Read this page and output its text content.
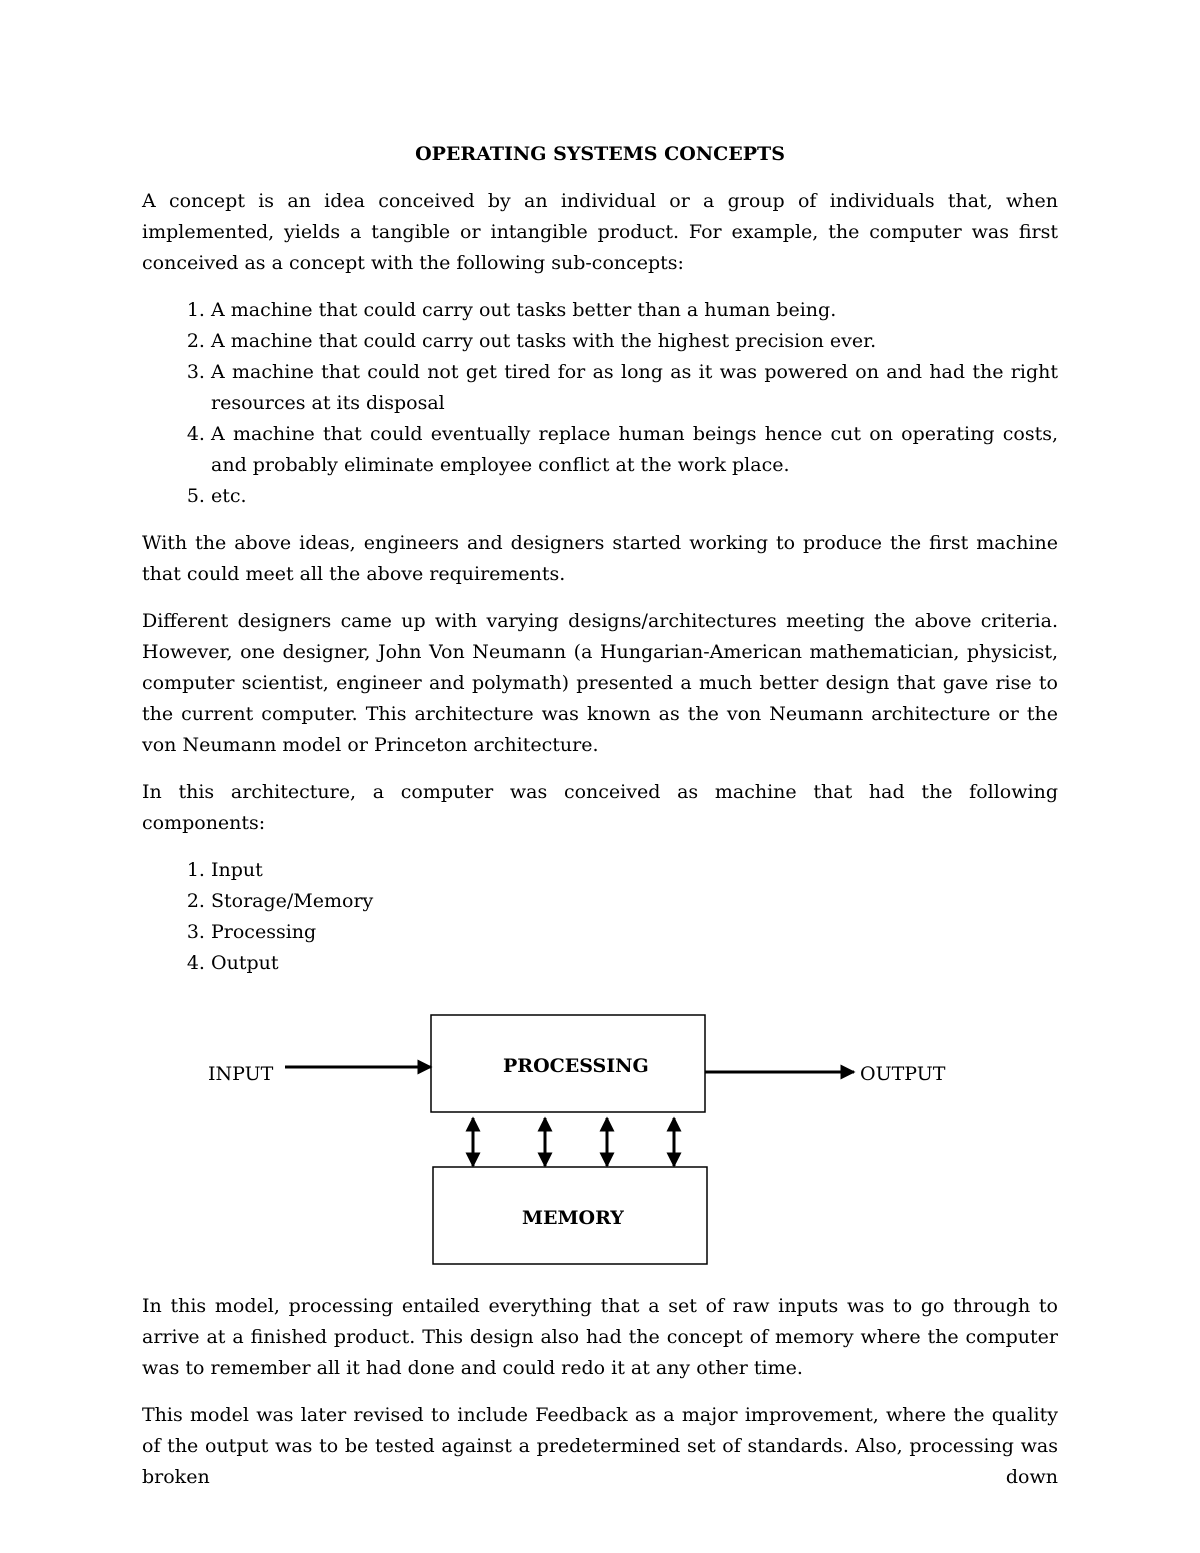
OPERATING SYSTEMS CONCEPTS

A concept is an idea conceived by an individual or a group of individuals that, when implemented, yields a tangible or intangible product. For example, the computer was first conceived as a concept with the following sub-concepts:

1. A machine that could carry out tasks better than a human being.
2. A machine that could carry out tasks with the highest precision ever.
3. A machine that could not get tired for as long as it was powered on and had the right resources at its disposal
4. A machine that could eventually replace human beings hence cut on operating costs, and probably eliminate employee conflict at the work place.
5. etc.

With the above ideas, engineers and designers started working to produce the first machine that could meet all the above requirements.

Different designers came up with varying designs/architectures meeting the above criteria. However, one designer, John Von Neumann (a Hungarian-American mathematician, physicist, computer scientist, engineer and polymath) presented a much better design that gave rise to the current computer. This architecture was known as the von Neumann architecture or the von Neumann model or Princeton architecture.

In this architecture, a computer was conceived as machine that had the following components:

1. Input
2. Storage/Memory
3. Processing
4. Output
INPUT	PROCESSING	OUTPUT
MEMORY

In this model, processing entailed everything that a set of raw inputs was to go through to arrive at a finished product. This design also had the concept of memory where the computer was to remember all it had done and could redo it at any other time.

This model was later revised to include Feedback as a major improvement, where the quality of the output was to be tested against a predetermined set of standards. Also, processing was broken down
